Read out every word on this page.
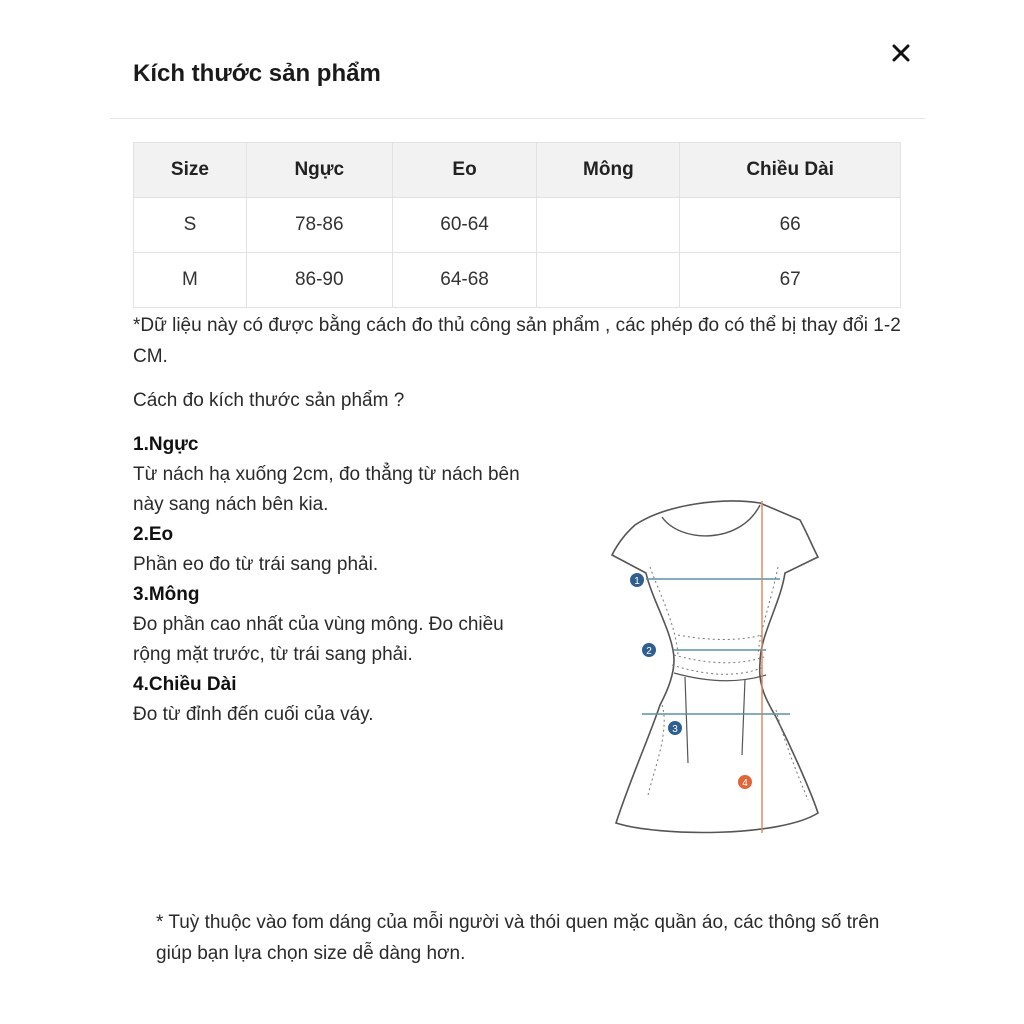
Kích thước sản phẩm
Size	Ngực	Eo	Mông	Chiều Dài
S	78-86	60-64		66
M	86-90	64-68		67

*Dữ liệu này có được bằng cách đo thủ công sản phẩm , các phép đo có thể bị thay đổi 1-2 CM.

Cách đo kích thước sản phẩm ?

1.Ngực
Từ nách hạ xuống 2cm, đo thẳng từ nách bên này sang nách bên kia.
2.Eo
Phần eo đo từ trái sang phải.
3.Mông
Đo phần cao nhất của vùng mông. Đo chiều rộng mặt trước, từ trái sang phải.
4.Chiều Dài
Đo từ đỉnh đến cuối của váy.
1
2
3
4

* Tuỳ thuộc vào fom dáng của mỗi người và thói quen mặc quần áo, các thông số trên giúp bạn lựa chọn size dễ dàng hơn.
